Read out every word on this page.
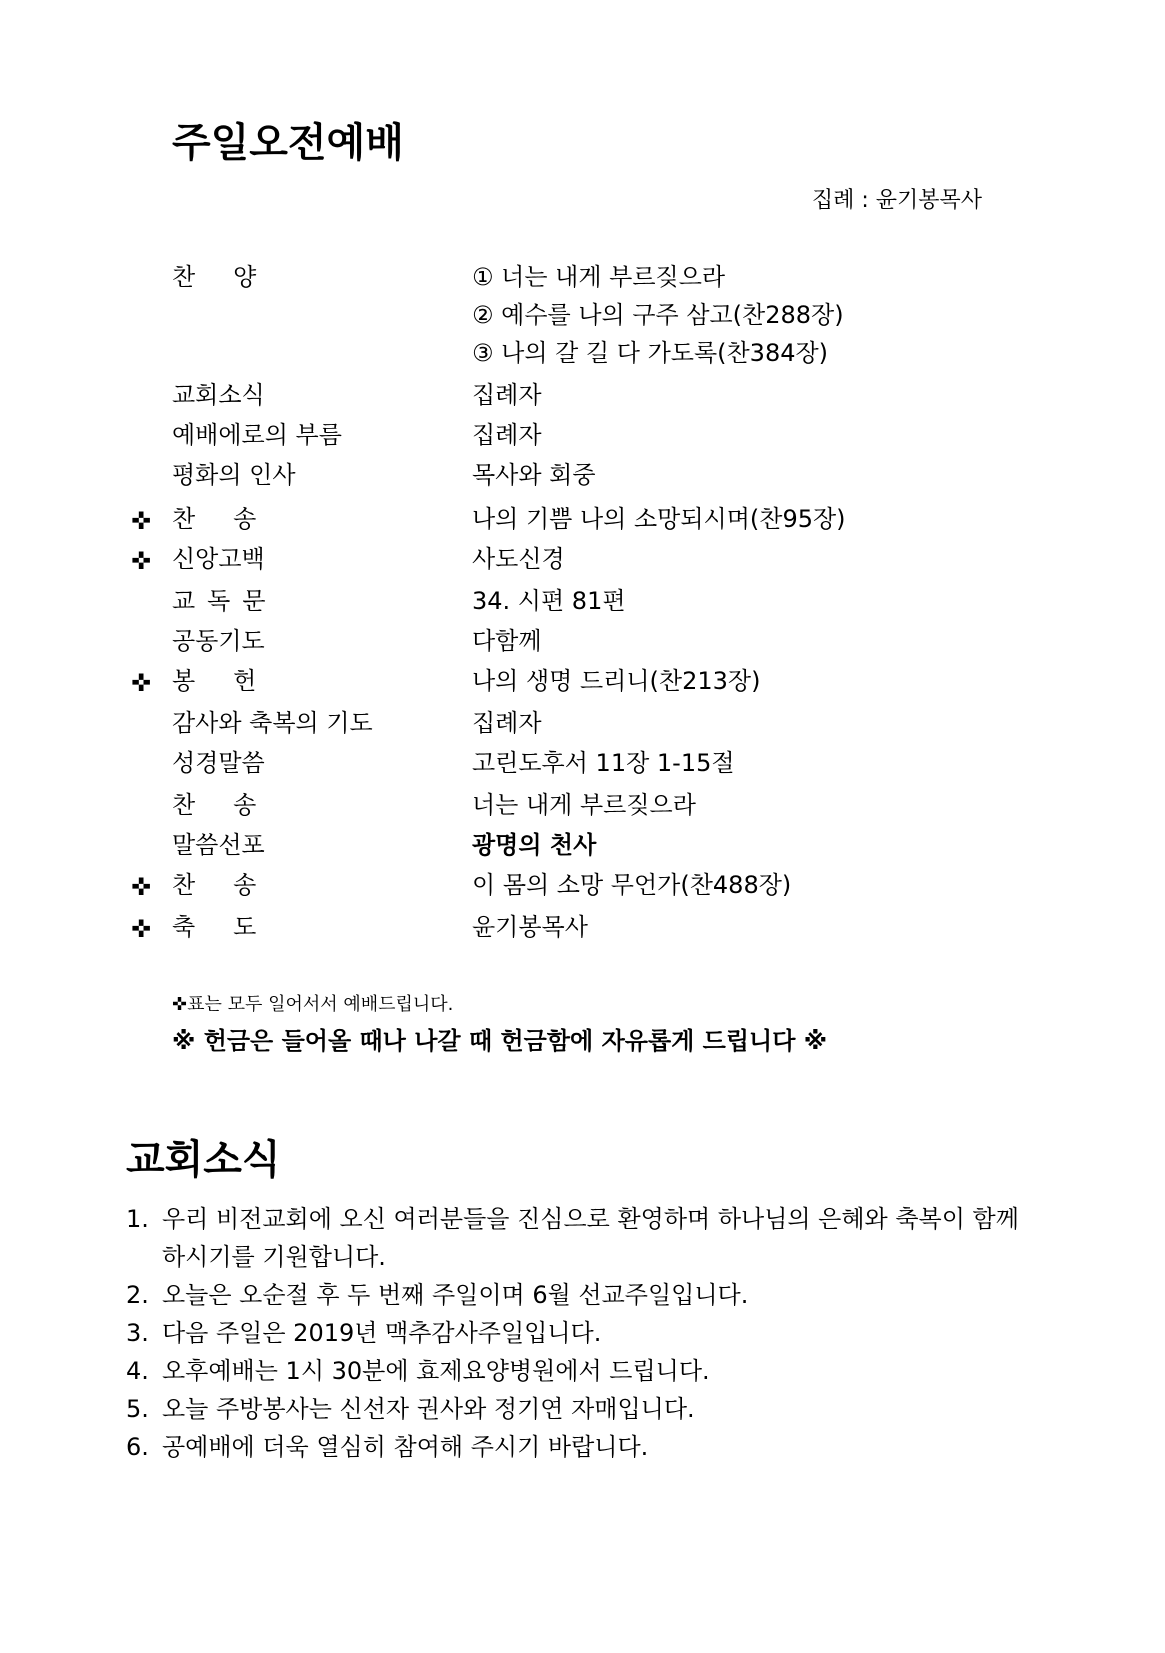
주일오전예배
집례 : 윤기봉목사
찬양	① 너는 내게 부르짖으라
② 예수를 나의 구주 삼고(찬288장)
③ 나의 갈 길 다 가도록(찬384장)
교회소식	집례자
예배에로의 부름	집례자
평화의 인사	목사와 회중
✜ 찬송	나의 기쁨 나의 소망되시며(찬95장)
✜ 신앙고백	사도신경
교독문	34. 시편 81편
공동기도	다함께
✜ 봉헌	나의 생명 드리니(찬213장)
감사와 축복의 기도	집례자
성경말씀	고린도후서 11장 1-15절
찬송	너는 내게 부르짖으라
말씀선포	광명의 천사
✜ 찬송	이 몸의 소망 무언가(찬488장)
✜ 축도	윤기봉목사
✜표는 모두 일어서서 예배드립니다.
※ 헌금은 들어올 때나 나갈 때 헌금함에 자유롭게 드립니다 ※
교회소식
1. 우리 비전교회에 오신 여러분들을 진심으로 환영하며 하나님의 은혜와 축복이 함께 하시기를 기원합니다.
2. 오늘은 오순절 후 두 번째 주일이며 6월 선교주일입니다.
3. 다음 주일은 2019년 맥추감사주일입니다.
4. 오후예배는 1시 30분에 효제요양병원에서 드립니다.
5. 오늘 주방봉사는 신선자 권사와 정기연 자매입니다.
6. 공예배에 더욱 열심히 참여해 주시기 바랍니다.
